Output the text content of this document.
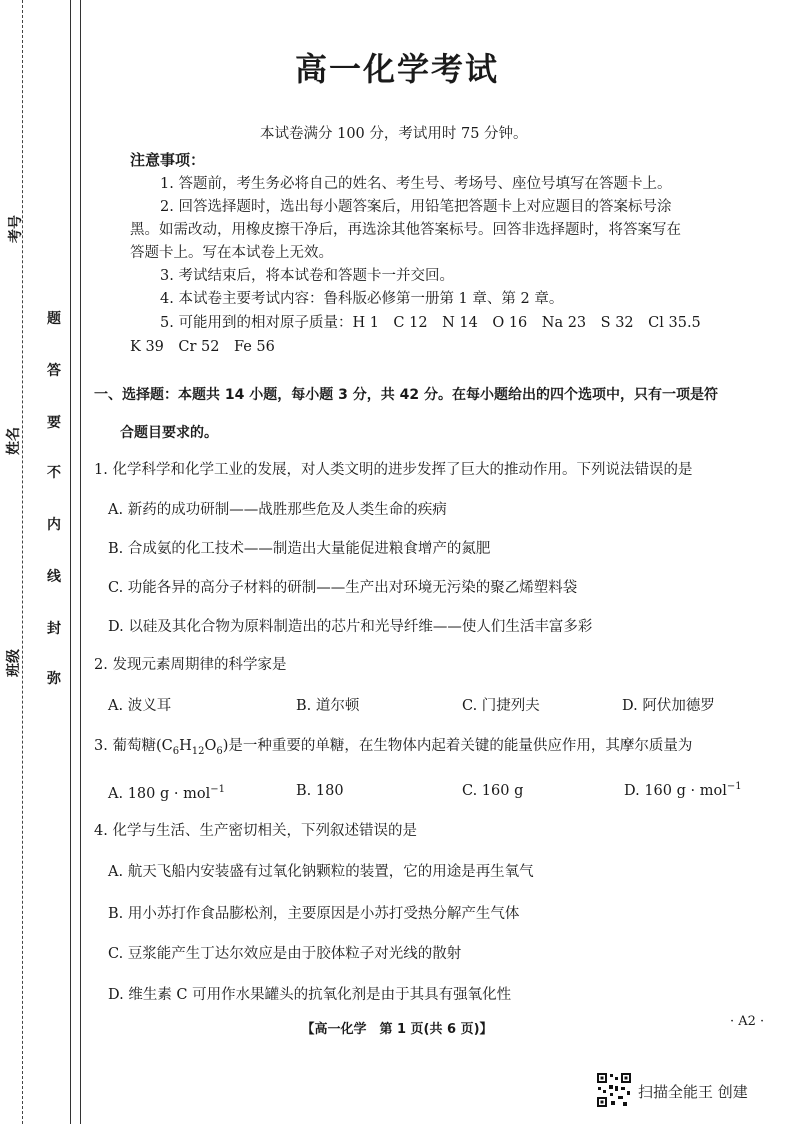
考号
姓名
班级
题
答
要
不
内
线
封
弥
高一化学考试
本试卷满分 100 分，考试用时 75 分钟。
注意事项：
1. 答题前，考生务必将自己的姓名、考生号、考场号、座位号填写在答题卡上。
2. 回答选择题时，选出每小题答案后，用铅笔把答题卡上对应题目的答案标号涂
黑。如需改动，用橡皮擦干净后，再选涂其他答案标号。回答非选择题时，将答案写在
答题卡上。写在本试卷上无效。
3. 考试结束后，将本试卷和答题卡一并交回。
4. 本试卷主要考试内容：鲁科版必修第一册第 1 章、第 2 章。
5. 可能用到的相对原子质量：H 1　C 12　N 14　O 16　Na 23　S 32　Cl 35.5
K 39　Cr 52　Fe 56
一、选择题：本题共 14 小题，每小题 3 分，共 42 分。在每小题给出的四个选项中，只有一项是符
合题目要求的。
1. 化学科学和化学工业的发展，对人类文明的进步发挥了巨大的推动作用。下列说法错误的是
A. 新药的成功研制——战胜那些危及人类生命的疾病
B. 合成氨的化工技术——制造出大量能促进粮食增产的氮肥
C. 功能各异的高分子材料的研制——生产出对环境无污染的聚乙烯塑料袋
D. 以硅及其化合物为原料制造出的芯片和光导纤维——使人们生活丰富多彩
2. 发现元素周期律的科学家是
A. 波义耳	B. 道尔顿	C. 门捷列夫	D. 阿伏加德罗
3. 葡萄糖$(C_6H_{12}O_6)$是一种重要的单糖，在生物体内起着关键的能量供应作用，其摩尔质量为
A. 180 g · mol$^{-1}$	B. 180	C. 160 g	D. 160 g · mol$^{-1}$
4. 化学与生活、生产密切相关，下列叙述错误的是
A. 航天飞船内安装盛有过氧化钠颗粒的装置，它的用途是再生氧气
B. 用小苏打作食品膨松剂，主要原因是小苏打受热分解产生气体
C. 豆浆能产生丁达尔效应是由于胶体粒子对光线的散射
D. 维生素 C 可用作水果罐头的抗氧化剂是由于其具有强氧化性
【高一化学　第 1 页(共 6 页)】
· A2 ·
扫描全能王 创建
